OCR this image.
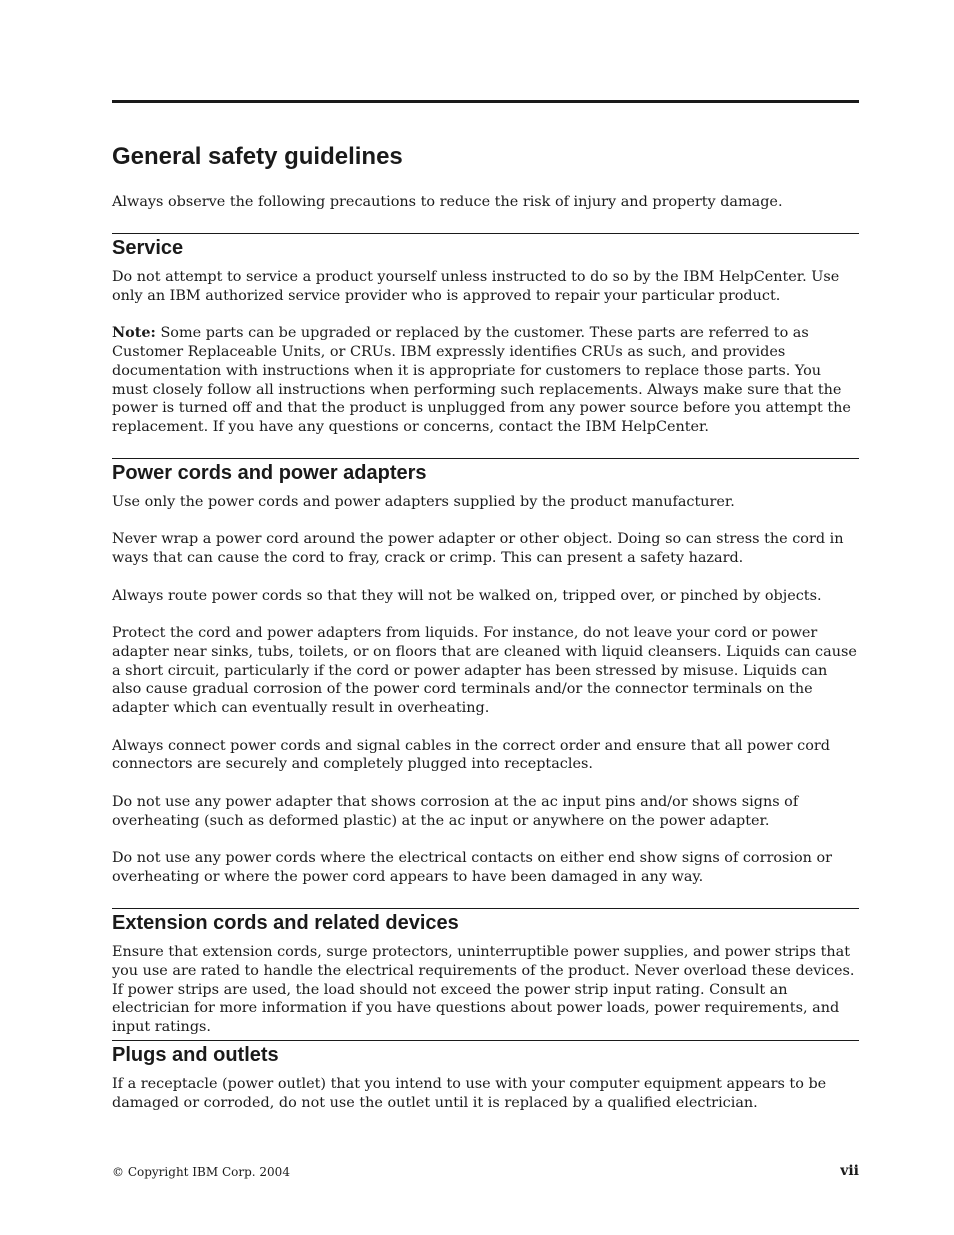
General safety guidelines

Always observe the following precautions to reduce the risk of injury and property damage.

Service

Do not attempt to service a product yourself unless instructed to do so by the IBM HelpCenter. Use only an IBM authorized service provider who is approved to repair your particular product.

Note: Some parts can be upgraded or replaced by the customer. These parts are referred to as Customer Replaceable Units, or CRUs. IBM expressly identifies CRUs as such, and provides documentation with instructions when it is appropriate for customers to replace those parts. You must closely follow all instructions when performing such replacements. Always make sure that the power is turned off and that the product is unplugged from any power source before you attempt the replacement. If you have any questions or concerns, contact the IBM HelpCenter.

Power cords and power adapters

Use only the power cords and power adapters supplied by the product manufacturer.

Never wrap a power cord around the power adapter or other object. Doing so can stress the cord in ways that can cause the cord to fray, crack or crimp. This can present a safety hazard.

Always route power cords so that they will not be walked on, tripped over, or pinched by objects.

Protect the cord and power adapters from liquids. For instance, do not leave your cord or power adapter near sinks, tubs, toilets, or on floors that are cleaned with liquid cleansers. Liquids can cause a short circuit, particularly if the cord or power adapter has been stressed by misuse. Liquids can also cause gradual corrosion of the power cord terminals and/or the connector terminals on the adapter which can eventually result in overheating.

Always connect power cords and signal cables in the correct order and ensure that all power cord connectors are securely and completely plugged into receptacles.

Do not use any power adapter that shows corrosion at the ac input pins and/or shows signs of overheating (such as deformed plastic) at the ac input or anywhere on the power adapter.

Do not use any power cords where the electrical contacts on either end show signs of corrosion or overheating or where the power cord appears to have been damaged in any way.

Extension cords and related devices

Ensure that extension cords, surge protectors, uninterruptible power supplies, and power strips that you use are rated to handle the electrical requirements of the product. Never overload these devices. If power strips are used, the load should not exceed the power strip input rating. Consult an electrician for more information if you have questions about power loads, power requirements, and input ratings.

Plugs and outlets

If a receptacle (power outlet) that you intend to use with your computer equipment appears to be damaged or corroded, do not use the outlet until it is replaced by a qualified electrician.

© Copyright IBM Corp. 2004	vii
